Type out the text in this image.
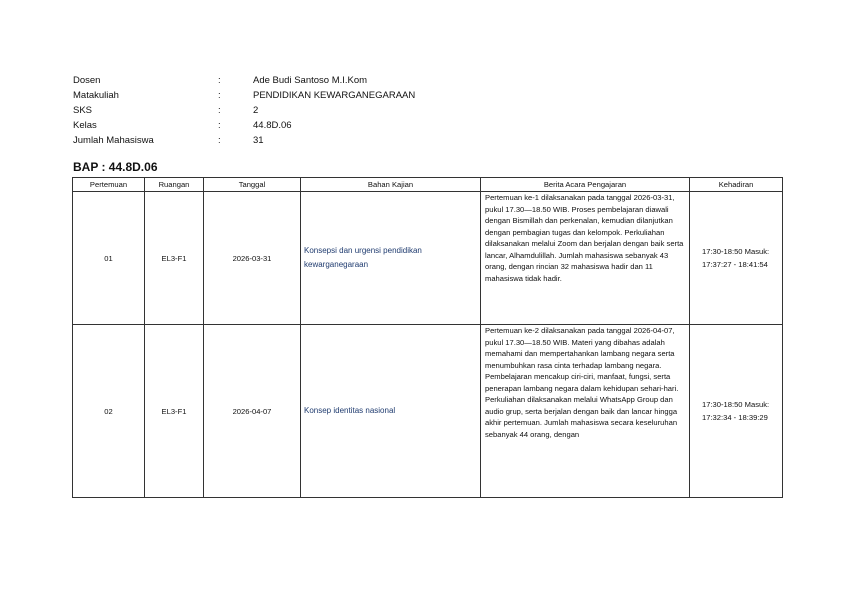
Dosen	:	Ade Budi Santoso M.I.Kom
Matakuliah	:	PENDIDIKAN KEWARGANEGARAAN
SKS	:	2
Kelas	:	44.8D.06
Jumlah Mahasiswa	:	31
BAP : 44.8D.06
Pertemuan	Ruangan	Tanggal	Bahan Kajian	Berita Acara Pengajaran	Kehadiran
01	EL3-F1	2026-03-31	Konsepsi dan urgensi pendidikan kewarganegaraan	Pertemuan ke-1 dilaksanakan pada tanggal 2026-03-31, pukul 17.30—18.50 WIB. Proses pembelajaran diawali dengan Bismillah dan perkenalan, kemudian dilanjutkan dengan pembagian tugas dan kelompok. Perkuliahan dilaksanakan melalui Zoom dan berjalan dengan baik serta lancar, Alhamdulillah. Jumlah mahasiswa sebanyak 43 orang, dengan rincian 32 mahasiswa hadir dan 11 mahasiswa tidak hadir.	17:30-18:50 Masuk: 17:37:27 - 18:41:54
02	EL3-F1	2026-04-07	Konsep identitas nasional	Pertemuan ke-2 dilaksanakan pada tanggal 2026-04-07, pukul 17.30—18.50 WIB. Materi yang dibahas adalah memahami dan mempertahankan lambang negara serta menumbuhkan rasa cinta terhadap lambang negara. Pembelajaran mencakup ciri-ciri, manfaat, fungsi, serta penerapan lambang negara dalam kehidupan sehari-hari. Perkuliahan dilaksanakan melalui WhatsApp Group dan audio grup, serta berjalan dengan baik dan lancar hingga akhir pertemuan. Jumlah mahasiswa secara keseluruhan sebanyak 44 orang, dengan	17:30-18:50 Masuk: 17:32:34 - 18:39:29
